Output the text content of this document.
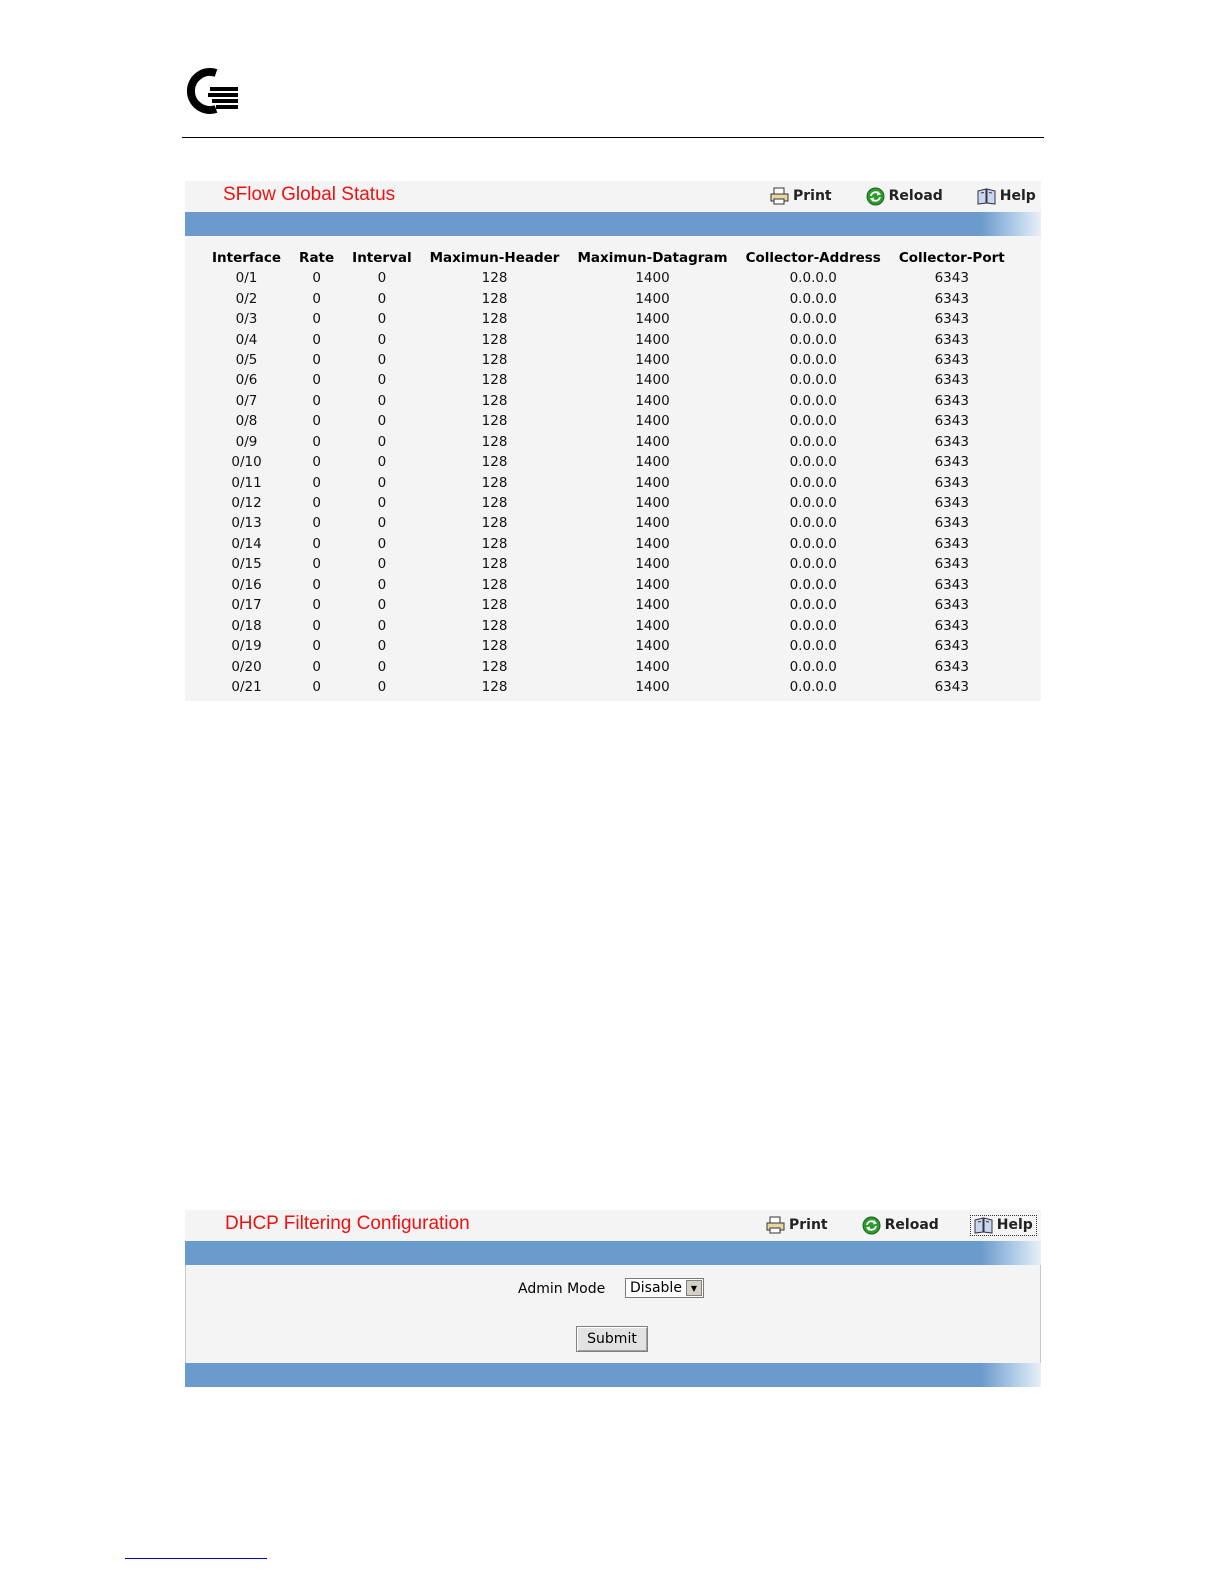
SFlow Global Status	Print	Reload	Help
Interface	Rate	Interval	Maximun-Header	Maximun-Datagram	Collector-Address	Collector-Port
0/1	0	0	128	1400	0.0.0.0	6343
0/2	0	0	128	1400	0.0.0.0	6343
0/3	0	0	128	1400	0.0.0.0	6343
0/4	0	0	128	1400	0.0.0.0	6343
0/5	0	0	128	1400	0.0.0.0	6343
0/6	0	0	128	1400	0.0.0.0	6343
0/7	0	0	128	1400	0.0.0.0	6343
0/8	0	0	128	1400	0.0.0.0	6343
0/9	0	0	128	1400	0.0.0.0	6343
0/10	0	0	128	1400	0.0.0.0	6343
0/11	0	0	128	1400	0.0.0.0	6343
0/12	0	0	128	1400	0.0.0.0	6343
0/13	0	0	128	1400	0.0.0.0	6343
0/14	0	0	128	1400	0.0.0.0	6343
0/15	0	0	128	1400	0.0.0.0	6343
0/16	0	0	128	1400	0.0.0.0	6343
0/17	0	0	128	1400	0.0.0.0	6343
0/18	0	0	128	1400	0.0.0.0	6343
0/19	0	0	128	1400	0.0.0.0	6343
0/20	0	0	128	1400	0.0.0.0	6343
0/21	0	0	128	1400	0.0.0.0	6343
DHCP Filtering Configuration	Print	Reload	Help
Admin Mode Disable	▼
Submit
